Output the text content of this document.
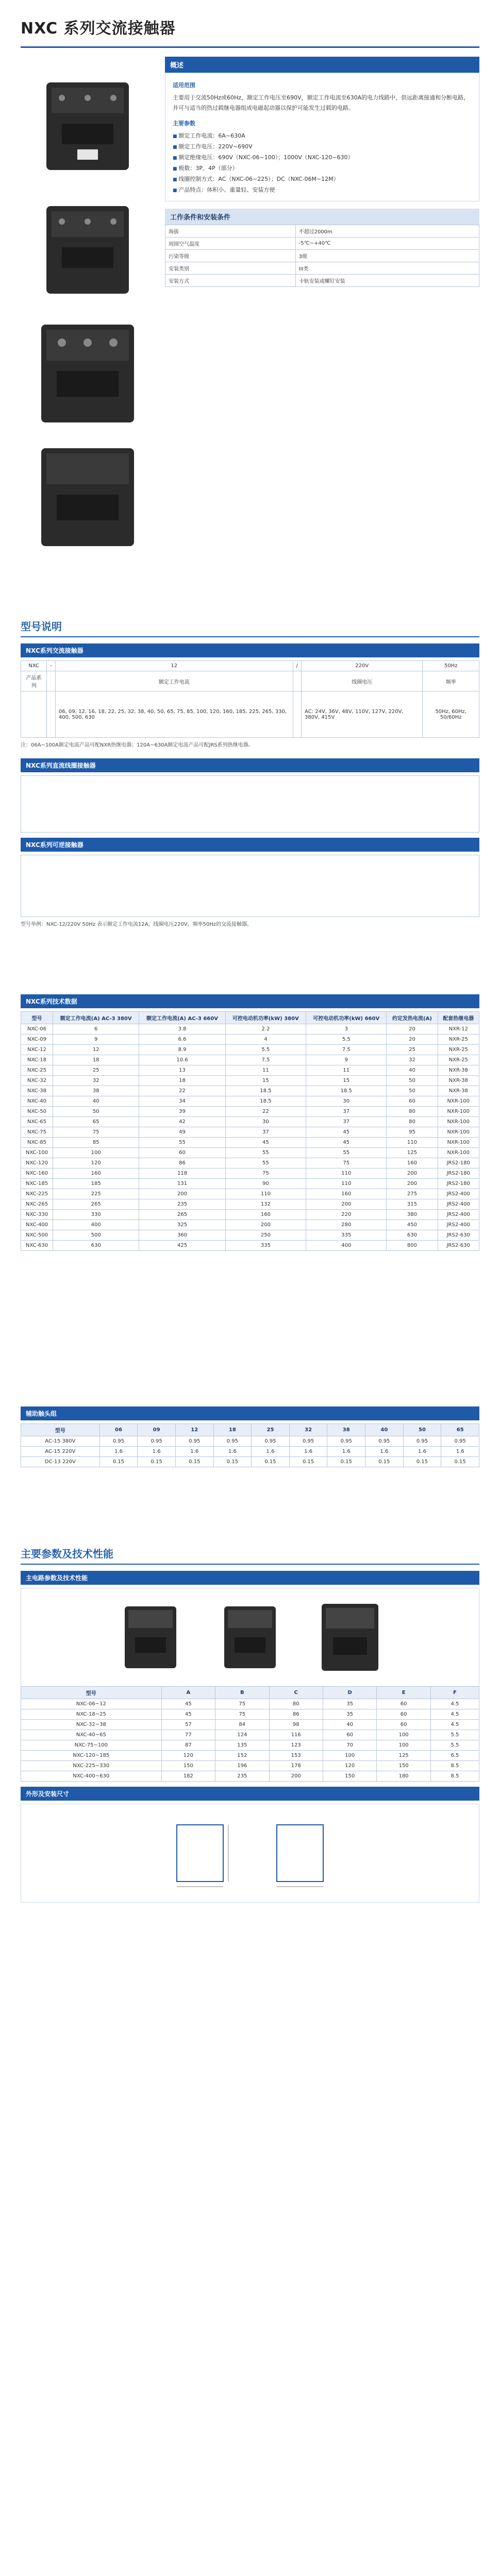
NXC 系列交流接触器
概述
适用范围
主要用于交流50Hz或60Hz，额定工作电压至690V，额定工作电流至630A的电力线路中，供远距离接通和分断电路，并可与适当的热过载继电器组成电磁起动器以保护可能发生过载的电路。
主要参数
■ 额定工作电流：6A~630A
■ 额定工作电压：220V~690V
■ 额定绝缘电压：690V（NXC-06~100）；1000V（NXC-120~630）
■ 极数：3P、4P（部分）
■ 线圈控制方式：AC（NXC-06~225）；DC（NXC-06M~12M）
■ 产品特点：体积小、重量轻、安装方便
工作条件和安装条件
海拔	不超过2000m
周围空气温度	-5℃~+40℃
污染等级	3级
安装类别	III类
安装方式	卡轨安装或螺钉安装
型号说明
NXC系列交流接触器
NXC	-	12	/	220V	50Hz
产品系列		额定工作电流		线圈电压	频率
		06, 09, 12, 16, 18, 22, 25, 32, 38, 40, 50, 65, 75, 85, 100, 120, 160, 185, 225, 265, 330, 400, 500, 630		AC: 24V, 36V, 48V, 110V, 127V, 220V, 380V, 415V	50Hz, 60Hz, 50/60Hz
注：06A~100A额定电流产品可配NXR热继电器；120A~630A额定电流产品可配JRS系列热继电器。
NXC系列直流线圈接触器
NXC系列可逆接触器
型号举例：NXC-12/220V 50Hz 表示额定工作电流12A，线圈电压220V，频率50Hz的交流接触器。
NXC系列技术数据
型号	额定工作电流(A) AC-3 380V	额定工作电流(A) AC-3 660V	可控电动机功率(kW) 380V	可控电动机功率(kW) 660V	约定发热电流(A)	配套热继电器
NXC-06	6	3.8	2.2	3	20	NXR-12
NXC-09	9	6.6	4	5.5	20	NXR-25
NXC-12	12	8.9	5.5	7.5	25	NXR-25
NXC-18	18	10.6	7.5	9	32	NXR-25
NXC-25	25	13	11	11	40	NXR-38
NXC-32	32	18	15	15	50	NXR-38
NXC-38	38	22	18.5	18.5	50	NXR-38
NXC-40	40	34	18.5	30	60	NXR-100
NXC-50	50	39	22	37	80	NXR-100
NXC-65	65	42	30	37	80	NXR-100
NXC-75	75	49	37	45	95	NXR-100
NXC-85	85	55	45	45	110	NXR-100
NXC-100	100	60	55	55	125	NXR-100
NXC-120	120	86	55	75	160	JRS2-180
NXC-160	160	118	75	110	200	JRS2-180
NXC-185	185	131	90	110	200	JRS2-180
NXC-225	225	200	110	160	275	JRS2-400
NXC-265	265	235	132	200	315	JRS2-400
NXC-330	330	265	160	220	380	JRS2-400
NXC-400	400	325	200	280	450	JRS2-400
NXC-500	500	360	250	335	630	JRS2-630
NXC-630	630	425	335	400	800	JRS2-630
辅助触头组
型号	06	09	12	18	25	32	38	40	50	65
AC-15 380V	0.95	0.95	0.95	0.95	0.95	0.95	0.95	0.95	0.95	0.95
AC-15 220V	1.6	1.6	1.6	1.6	1.6	1.6	1.6	1.6	1.6	1.6
DC-13 220V	0.15	0.15	0.15	0.15	0.15	0.15	0.15	0.15	0.15	0.15
主要参数及技术性能
主电路参数及技术性能

型号	A	B	C	D	E	F
NXC-06~12	45	75	80	35	60	4.5
NXC-18~25	45	75	86	35	60	4.5
NXC-32~38	57	84	98	40	60	4.5
NXC-40~65	77	124	116	60	100	5.5
NXC-75~100	87	135	123	70	100	5.5
NXC-120~185	120	152	153	100	125	6.5
NXC-225~330	150	196	178	120	150	8.5
NXC-400~630	182	235	200	150	180	8.5
外形及安装尺寸
